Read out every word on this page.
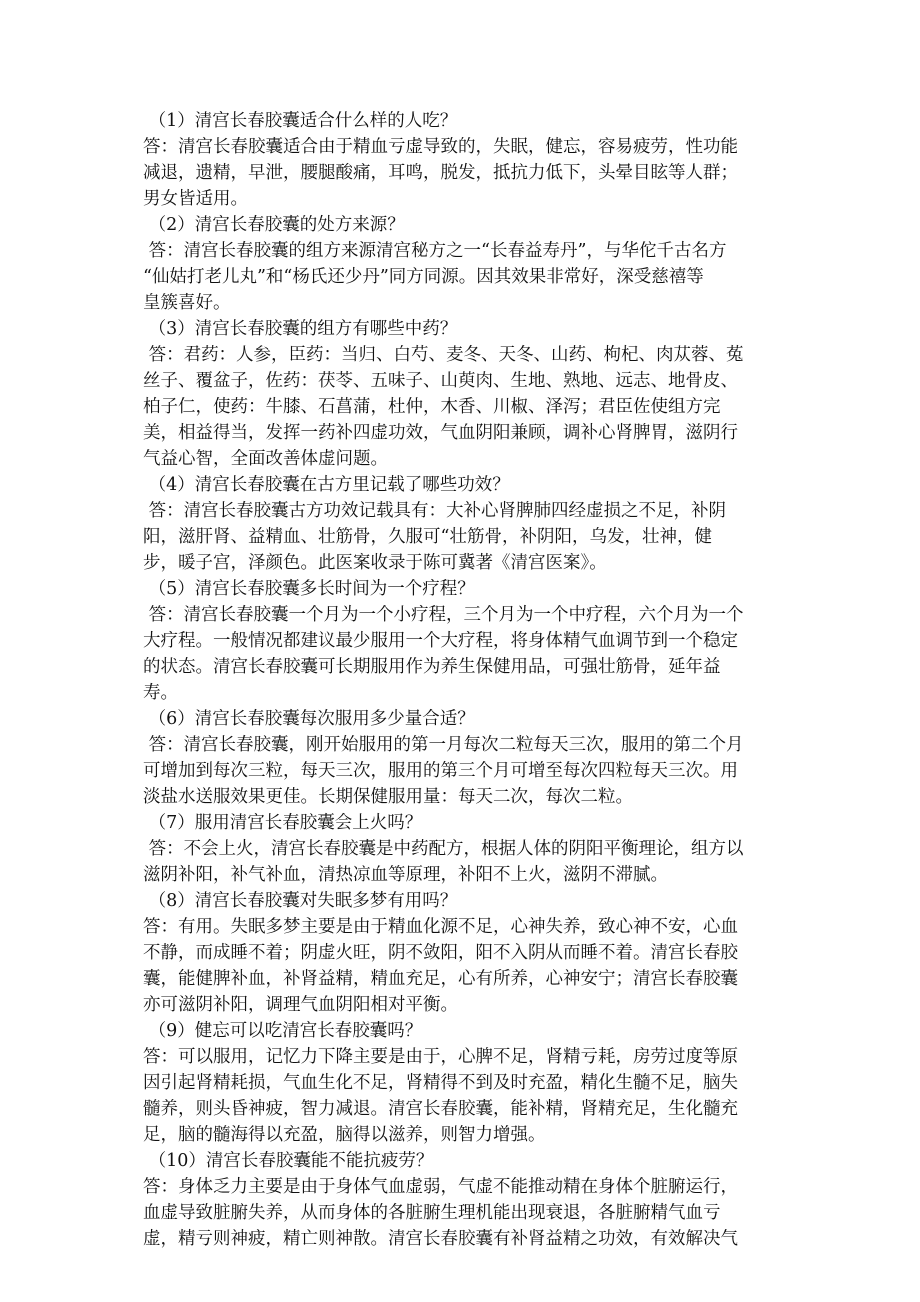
（1）清宫长春胶囊适合什么样的人吃？
答：清宫长春胶囊适合由于精血亏虚导致的，失眠，健忘，容易疲劳，性功能
减退，遗精，早泄，腰腿酸痛，耳鸣，脱发，抵抗力低下，头晕目眩等人群；
男女皆适用。
（2）清宫长春胶囊的处方来源？
答：清宫长春胶囊的组方来源清宫秘方之一“长春益寿丹”，与华佗千古名方
“仙姑打老儿丸”和“杨氏还少丹”同方同源。因其效果非常好，深受慈禧等
皇簇喜好。
（3）清宫长春胶囊的组方有哪些中药？
答：君药：人参，臣药：当归、白芍、麦冬、天冬、山药、枸杞、肉苁蓉、菟
丝子、覆盆子，佐药：茯苓、五味子、山萸肉、生地、熟地、远志、地骨皮、
柏子仁，使药：牛膝、石菖蒲，杜仲，木香、川椒、泽泻；君臣佐使组方完
美，相益得当，发挥一药补四虚功效，气血阴阳兼顾，调补心肾脾胃，滋阴行
气益心智，全面改善体虚问题。
（4）清宫长春胶囊在古方里记载了哪些功效？
答：清宫长春胶囊古方功效记载具有：大补心肾脾肺四经虚损之不足，补阴
阳，滋肝肾、益精血、壮筋骨，久服可“壮筋骨，补阴阳，乌发，壮神，健
步，暖子宫，泽颜色。此医案收录于陈可冀著《清宫医案》。
（5）清宫长春胶囊多长时间为一个疗程？
答：清宫长春胶囊一个月为一个小疗程，三个月为一个中疗程，六个月为一个
大疗程。一般情况都建议最少服用一个大疗程，将身体精气血调节到一个稳定
的状态。清宫长春胶囊可长期服用作为养生保健用品，可强壮筋骨，延年益
寿。
（6）清宫长春胶囊每次服用多少量合适？
答：清宫长春胶囊，刚开始服用的第一月每次二粒每天三次，服用的第二个月
可增加到每次三粒，每天三次，服用的第三个月可增至每次四粒每天三次。用
淡盐水送服效果更佳。长期保健服用量：每天二次，每次二粒。
（7）服用清宫长春胶囊会上火吗？
答：不会上火，清宫长春胶囊是中药配方，根据人体的阴阳平衡理论，组方以
滋阴补阳，补气补血，清热凉血等原理，补阳不上火，滋阴不滞腻。
（8）清宫长春胶囊对失眠多梦有用吗？
答：有用。失眠多梦主要是由于精血化源不足，心神失养，致心神不安，心血
不静，而成睡不着；阴虚火旺，阴不敛阳，阳不入阴从而睡不着。清宫长春胶
囊，能健脾补血，补肾益精，精血充足，心有所养，心神安宁；清宫长春胶囊
亦可滋阴补阳，调理气血阴阳相对平衡。
（9）健忘可以吃清宫长春胶囊吗？
答：可以服用，记忆力下降主要是由于，心脾不足，肾精亏耗，房劳过度等原
因引起肾精耗损，气血生化不足，肾精得不到及时充盈，精化生髓不足，脑失
髓养，则头昏神疲，智力减退。清宫长春胶囊，能补精，肾精充足，生化髓充
足，脑的髓海得以充盈，脑得以滋养，则智力增强。
（10）清宫长春胶囊能不能抗疲劳？
答：身体乏力主要是由于身体气血虚弱，气虚不能推动精在身体个脏腑运行，
血虚导致脏腑失养，从而身体的各脏腑生理机能出现衰退，各脏腑精气血亏
虚，精亏则神疲，精亡则神散。清宫长春胶囊有补肾益精之功效，有效解决气
